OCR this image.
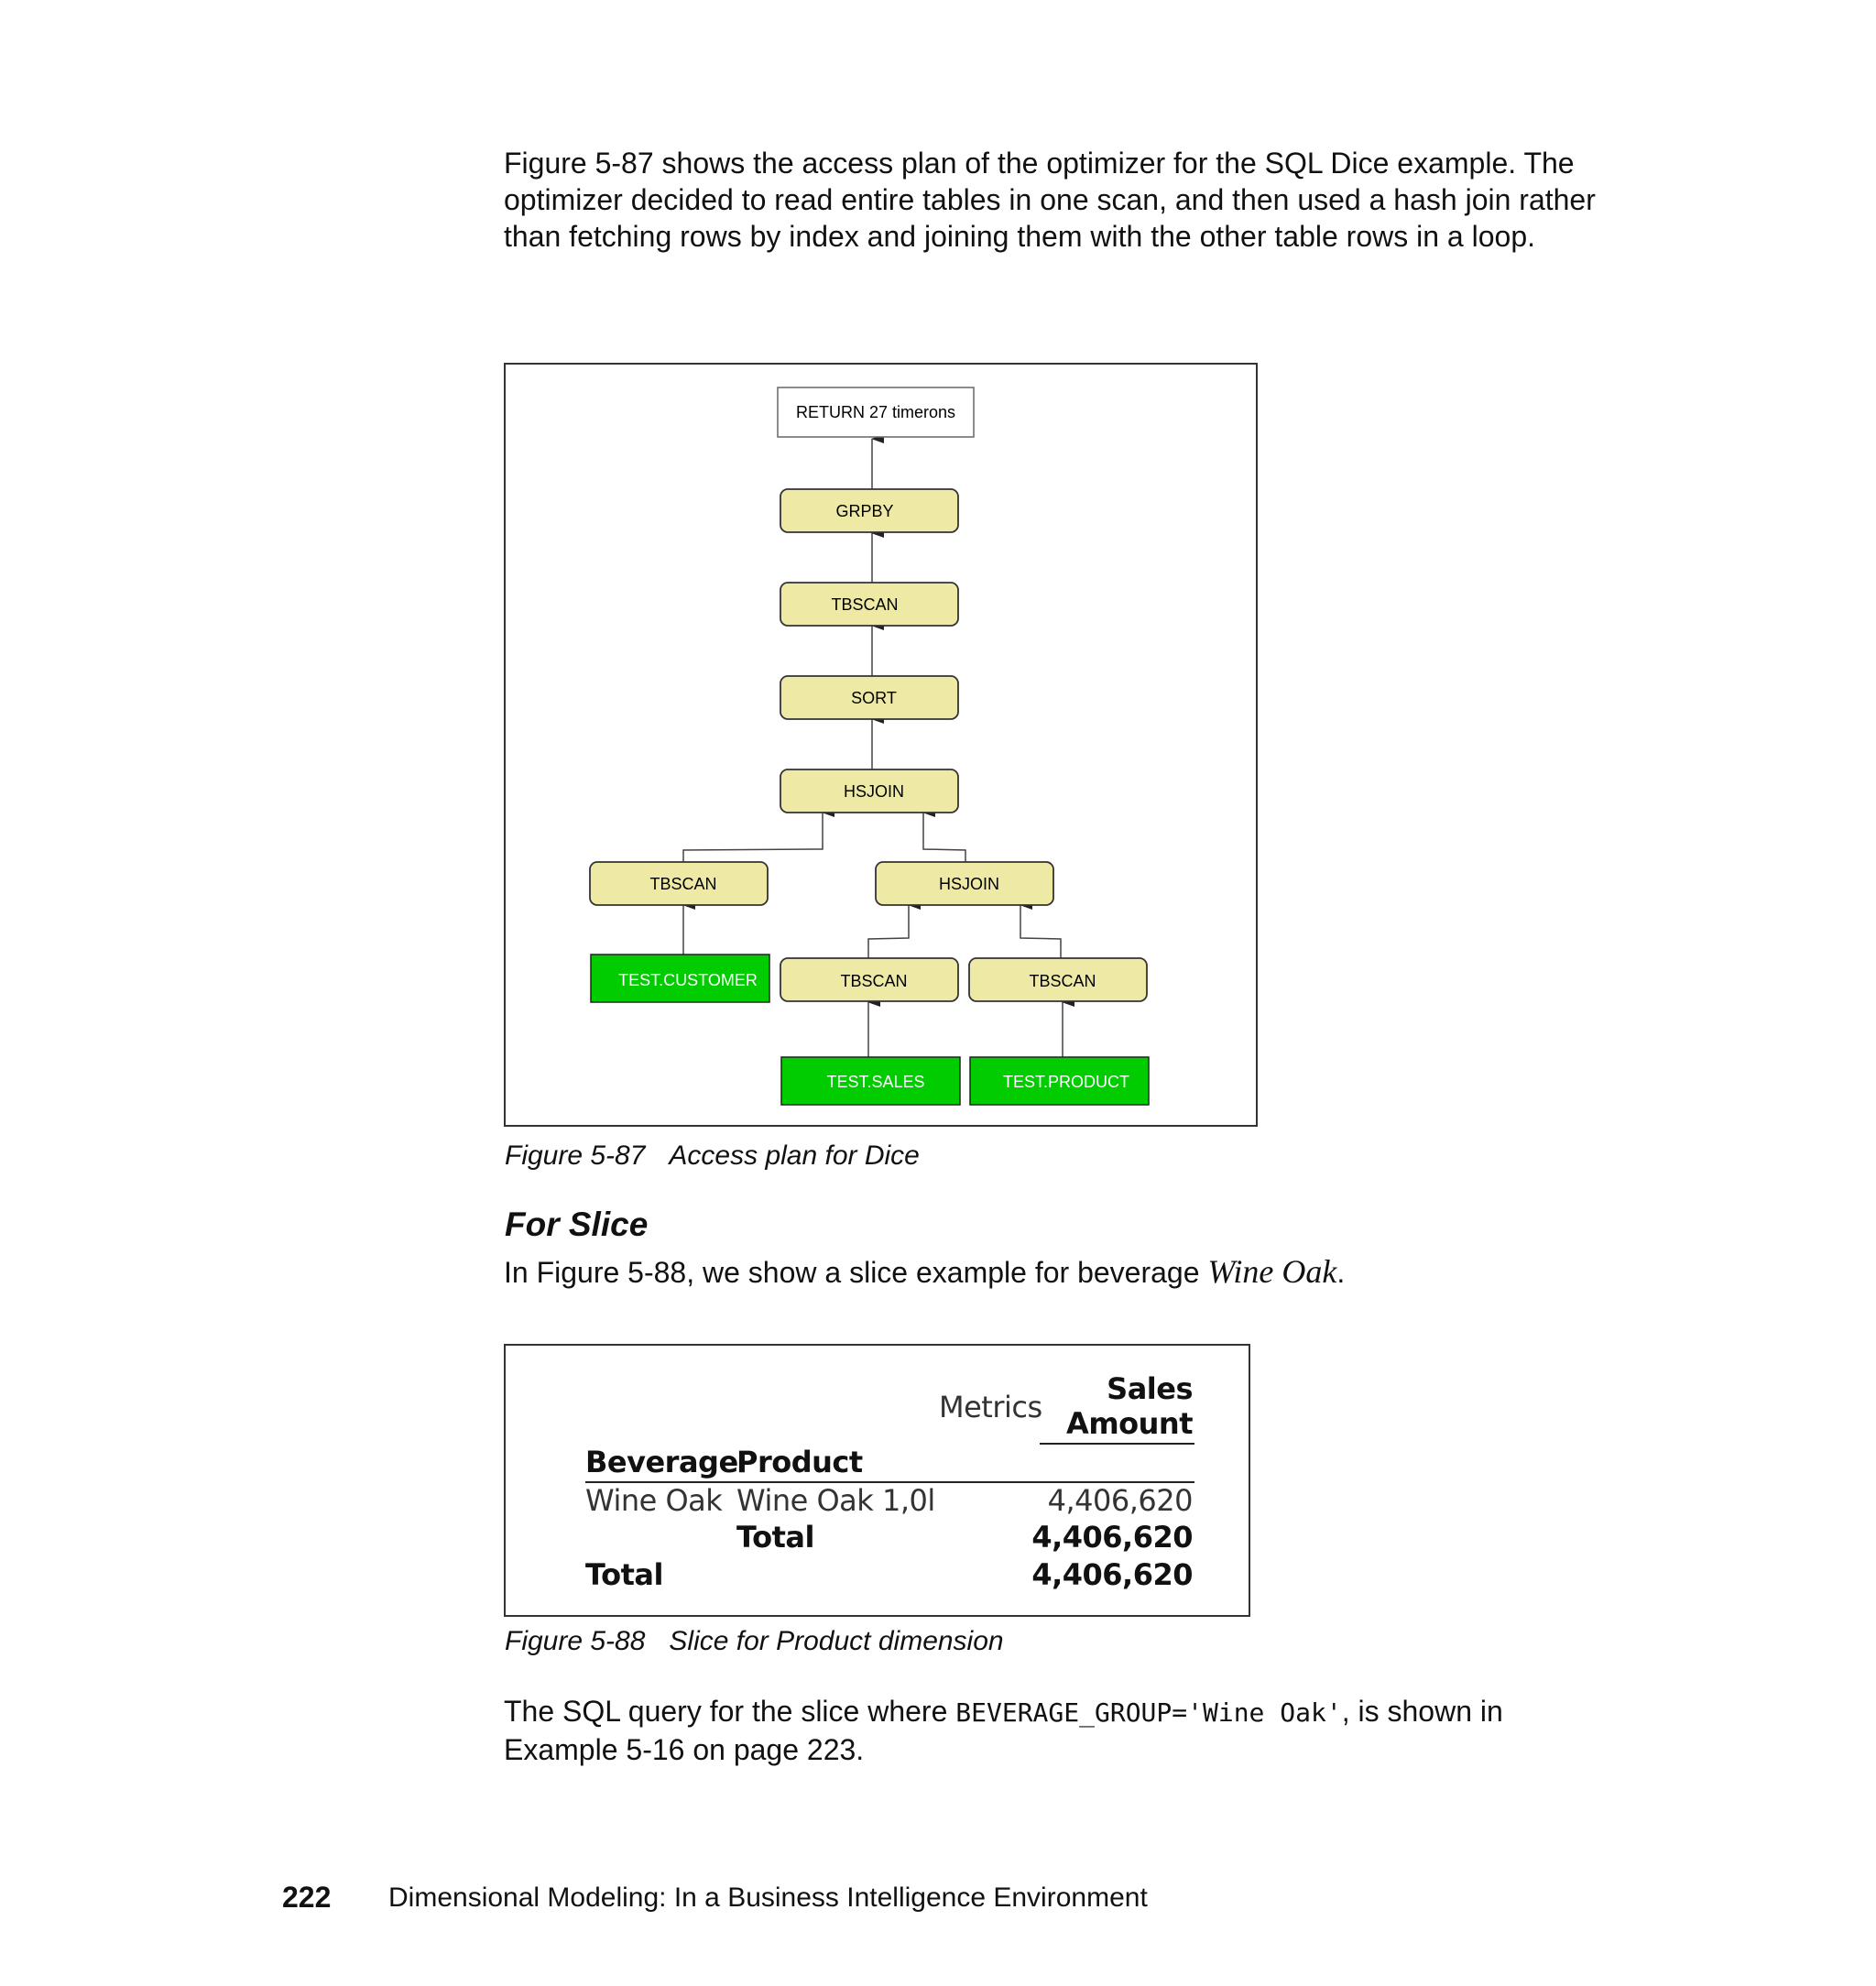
Figure 5-87 shows the access plan of the optimizer for the SQL Dice example. The optimizer decided to read entire tables in one scan, and then used a hash join rather than fetching rows by index and joining them with the other table rows in a loop.

RETURN 27 timerons
GRPBY
TBSCAN
SORT
HSJOIN
TBSCAN	HSJOIN
TBSCAN	TBSCAN
TEST.CUSTOMER
TEST.SALES	TEST.PRODUCT

Figure 5-87 Access plan for Dice

For Slice

In Figure 5-88, we show a slice example for beverage Wine Oak.

Metrics
Sales
Amount
Beverage
Product
Wine Oak Wine Oak 1,0l	4,406,620
Total	4,406,620
Total	4,406,620

Figure 5-88 Slice for Product dimension

The SQL query for the slice where BEVERAGE_GROUP='Wine Oak', is shown in Example 5-16 on page 223.

222 Dimensional Modeling: In a Business Intelligence Environment
